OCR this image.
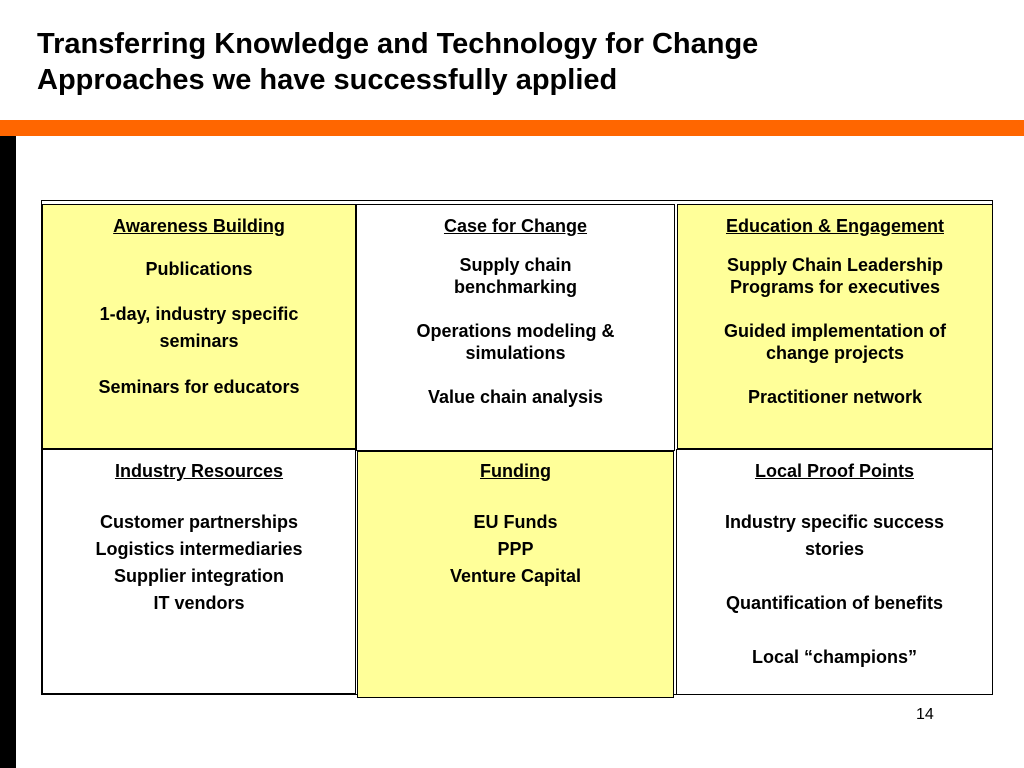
Transferring Knowledge and Technology for Change
Approaches we have successfully applied
Awareness Building
Publications
1-day, industry specific seminars
Seminars for educators
Case for Change
Supply chain benchmarking
Operations modeling & simulations
Value chain analysis
Education & Engagement
Supply Chain Leadership Programs for executives
Guided implementation of change projects
Practitioner network
Industry Resources
Customer partnerships
Logistics intermediaries
Supplier integration
IT vendors
Funding
EU Funds
PPP
Venture Capital
Local Proof Points
Industry specific success stories
Quantification of benefits
Local “champions”
14
